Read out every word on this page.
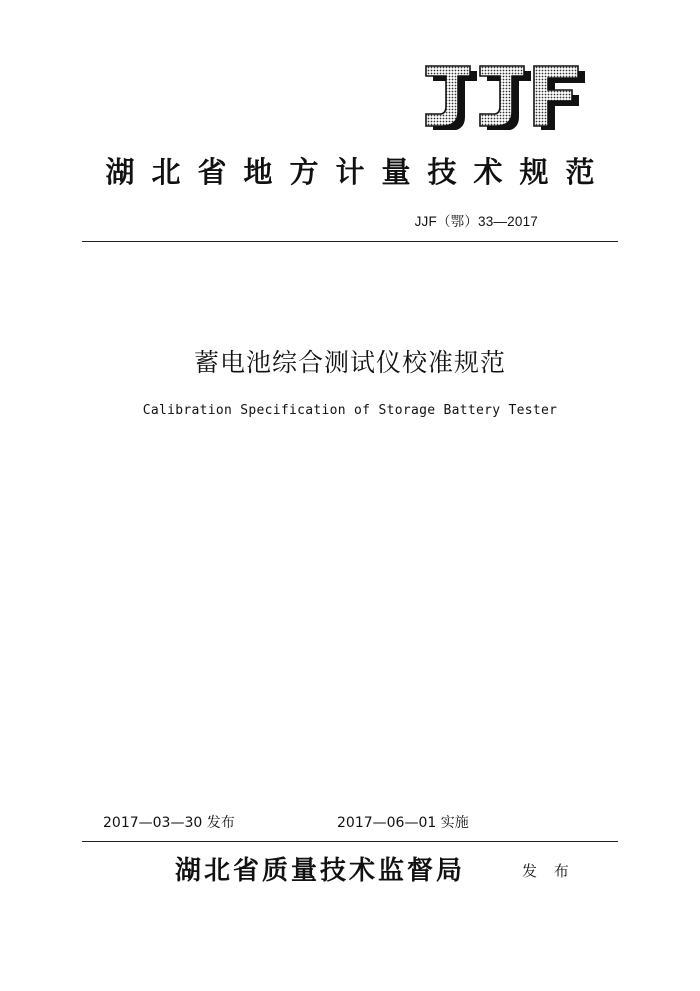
湖北省地方计量技术规范
JJF（鄂）33—2017
蓄电池综合测试仪校准规范
Calibration Specification of Storage Battery Tester
2017—03—30 发布	2017—06—01 实施
湖北省质量技术监督局	发 布
